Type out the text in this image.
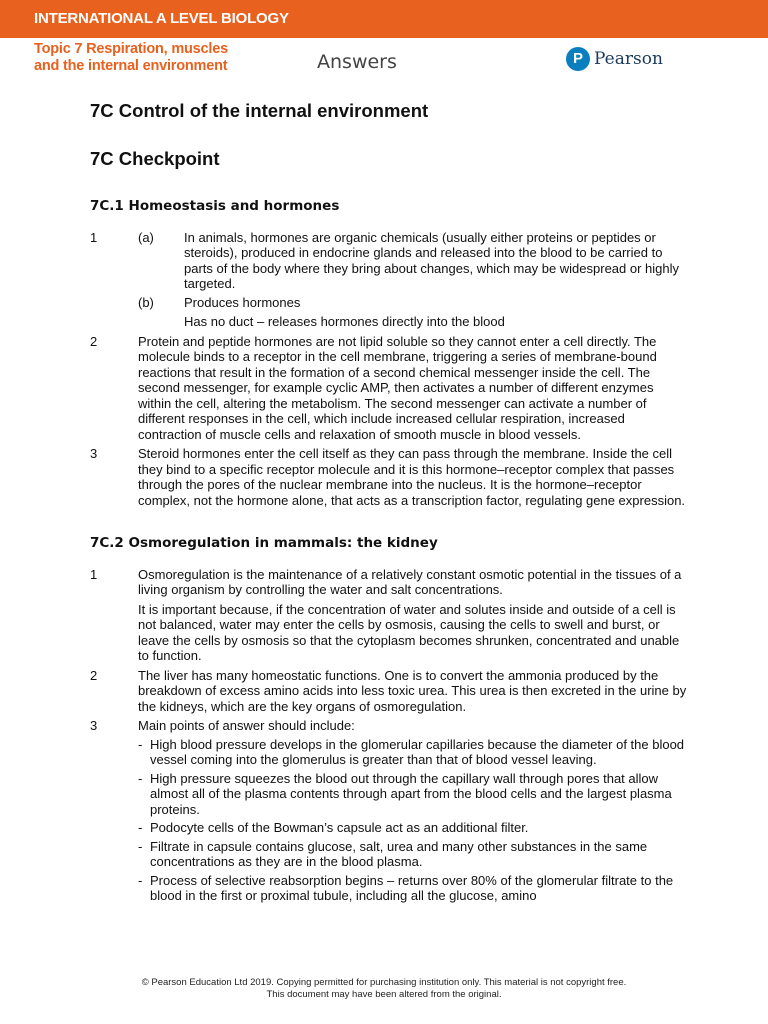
INTERNATIONAL A LEVEL BIOLOGY
Topic 7 Respiration, muscles
and the internal environment	Answers	P Pearson
7C Control of the internal environment
7C Checkpoint
7C.1 Homeostasis and hormones
1	(a)	In animals, hormones are organic chemicals (usually either proteins or peptides or steroids), produced in endocrine glands and released into the blood to be carried to parts of the body where they bring about changes, which may be widespread or highly targeted.
(b)	Produces hormones
Has no duct – releases hormones directly into the blood
2	Protein and peptide hormones are not lipid soluble so they cannot enter a cell directly. The molecule binds to a receptor in the cell membrane, triggering a series of membrane-bound reactions that result in the formation of a second chemical messenger inside the cell. The second messenger, for example cyclic AMP, then activates a number of different enzymes within the cell, altering the metabolism. The second messenger can activate a number of different responses in the cell, which include increased cellular respiration, increased contraction of muscle cells and relaxation of smooth muscle in blood vessels.
3	Steroid hormones enter the cell itself as they can pass through the membrane. Inside the cell they bind to a specific receptor molecule and it is this hormone–receptor complex that passes through the pores of the nuclear membrane into the nucleus. It is the hormone–receptor complex, not the hormone alone, that acts as a transcription factor, regulating gene expression.
7C.2 Osmoregulation in mammals: the kidney
1	Osmoregulation is the maintenance of a relatively constant osmotic potential in the tissues of a living organism by controlling the water and salt concentrations.
It is important because, if the concentration of water and solutes inside and outside of a cell is not balanced, water may enter the cells by osmosis, causing the cells to swell and burst, or leave the cells by osmosis so that the cytoplasm becomes shrunken, concentrated and unable to function.
2	The liver has many homeostatic functions. One is to convert the ammonia produced by the breakdown of excess amino acids into less toxic urea. This urea is then excreted in the urine by the kidneys, which are the key organs of osmoregulation.
3	Main points of answer should include:
- High blood pressure develops in the glomerular capillaries because the diameter of the blood vessel coming into the glomerulus is greater than that of blood vessel leaving.
- High pressure squeezes the blood out through the capillary wall through pores that allow almost all of the plasma contents through apart from the blood cells and the largest plasma proteins.
- Podocyte cells of the Bowman’s capsule act as an additional filter.
- Filtrate in capsule contains glucose, salt, urea and many other substances in the same concentrations as they are in the blood plasma.
- Process of selective reabsorption begins – returns over 80% of the glomerular filtrate to the blood in the first or proximal tubule, including all the glucose, amino
© Pearson Education Ltd 2019. Copying permitted for purchasing institution only. This material is not copyright free.
This document may have been altered from the original.
